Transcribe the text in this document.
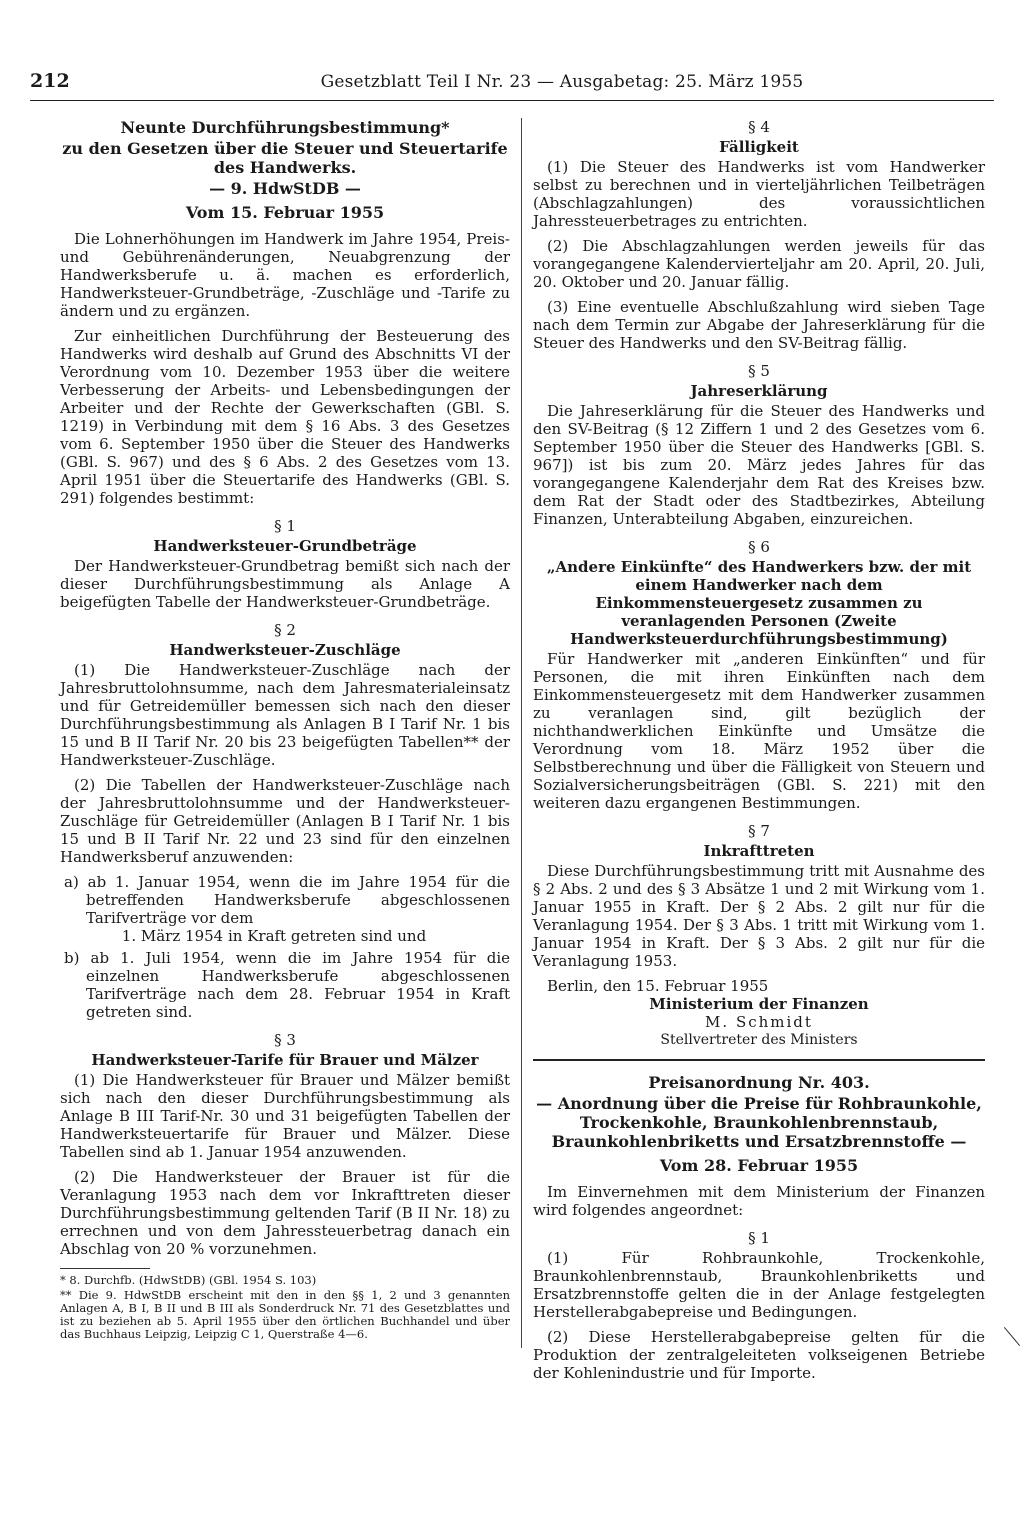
212	Gesetzblatt Teil I Nr. 23 — Ausgabetag: 25. März 1955
Neunte Durchführungsbestimmung*
zu den Gesetzen über die Steuer und Steuertarife des Handwerks.
— 9. HdwStDB —
Vom 15. Februar 1955

Die Lohnerhöhungen im Handwerk im Jahre 1954, Preis- und Gebührenänderungen, Neuabgrenzung der Handwerksberufe u. ä. machen es erforderlich, Handwerksteuer-Grundbeträge, -Zuschläge und -Tarife zu ändern und zu ergänzen.

Zur einheitlichen Durchführung der Besteuerung des Handwerks wird deshalb auf Grund des Abschnitts VI der Verordnung vom 10. Dezember 1953 über die weitere Verbesserung der Arbeits- und Lebensbedingungen der Arbeiter und der Rechte der Gewerkschaften (GBl. S. 1219) in Verbindung mit dem § 16 Abs. 3 des Gesetzes vom 6. September 1950 über die Steuer des Handwerks (GBl. S. 967) und des § 6 Abs. 2 des Gesetzes vom 13. April 1951 über die Steuertarife des Handwerks (GBl. S. 291) folgendes bestimmt:

§ 1
Handwerksteuer-Grundbeträge

Der Handwerksteuer-Grundbetrag bemißt sich nach der dieser Durchführungsbestimmung als Anlage A beigefügten Tabelle der Handwerksteuer-Grundbeträge.

§ 2
Handwerksteuer-Zuschläge

(1) Die Handwerksteuer-Zuschläge nach der Jahresbruttolohnsumme, nach dem Jahresmaterialeinsatz und für Getreidemüller bemessen sich nach den dieser Durchführungsbestimmung als Anlagen B I Tarif Nr. 1 bis 15 und B II Tarif Nr. 20 bis 23 beigefügten Tabellen** der Handwerksteuer-Zuschläge.

(2) Die Tabellen der Handwerksteuer-Zuschläge nach der Jahresbruttolohnsumme und der Handwerksteuer-Zuschläge für Getreidemüller (Anlagen B I Tarif Nr. 1 bis 15 und B II Tarif Nr. 22 und 23 sind für den einzelnen Handwerksberuf anzuwenden:

a) ab 1. Januar 1954, wenn die im Jahre 1954 für die betreffenden Handwerksberufe abgeschlossenen Tarifverträge vor dem
1. März 1954 in Kraft getreten sind und

b) ab 1. Juli 1954, wenn die im Jahre 1954 für die einzelnen Handwerksberufe abgeschlossenen Tarifverträge nach dem 28. Februar 1954 in Kraft getreten sind.

§ 3
Handwerksteuer-Tarife für Brauer und Mälzer

(1) Die Handwerksteuer für Brauer und Mälzer bemißt sich nach den dieser Durchführungsbestimmung als Anlage B III Tarif-Nr. 30 und 31 beigefügten Tabellen der Handwerksteuertarife für Brauer und Mälzer. Diese Tabellen sind ab 1. Januar 1954 anzuwenden.

(2) Die Handwerksteuer der Brauer ist für die Veranlagung 1953 nach dem vor Inkrafttreten dieser Durchführungsbestimmung geltenden Tarif (B II Nr. 18) zu errechnen und von dem Jahressteuerbetrag danach ein Abschlag von 20 % vorzunehmen.

* 8. Durchfb. (HdwStDB) (GBl. 1954 S. 103)

** Die 9. HdwStDB erscheint mit den in den §§ 1, 2 und 3 genannten Anlagen A, B I, B II und B III als Sonderdruck Nr. 71 des Gesetzblattes und ist zu beziehen ab 5. April 1955 über den örtlichen Buchhandel und über das Buchhaus Leipzig, Leipzig C 1, Querstraße 4—6.

§ 4
Fälligkeit

(1) Die Steuer des Handwerks ist vom Handwerker selbst zu berechnen und in vierteljährlichen Teilbeträgen (Abschlagzahlungen) des voraussichtlichen Jahressteuerbetrages zu entrichten.

(2) Die Abschlagzahlungen werden jeweils für das vorangegangene Kalendervierteljahr am 20. April, 20. Juli, 20. Oktober und 20. Januar fällig.

(3) Eine eventuelle Abschlußzahlung wird sieben Tage nach dem Termin zur Abgabe der Jahreserklärung für die Steuer des Handwerks und den SV-Beitrag fällig.

§ 5
Jahreserklärung

Die Jahreserklärung für die Steuer des Handwerks und den SV-Beitrag (§ 12 Ziffern 1 und 2 des Gesetzes vom 6. September 1950 über die Steuer des Handwerks [GBl. S. 967]) ist bis zum 20. März jedes Jahres für das vorangegangene Kalenderjahr dem Rat des Kreises bzw. dem Rat der Stadt oder des Stadtbezirkes, Abteilung Finanzen, Unterabteilung Abgaben, einzureichen.

§ 6
„Andere Einkünfte“ des Handwerkers bzw. der mit einem Handwerker nach dem Einkommensteuergesetz zusammen zu veranlagenden Personen (Zweite Handwerksteuerdurchführungsbestimmung)

Für Handwerker mit „anderen Einkünften“ und für Personen, die mit ihren Einkünften nach dem Einkommensteuergesetz mit dem Handwerker zusammen zu veranlagen sind, gilt bezüglich der nichthandwerklichen Einkünfte und Umsätze die Verordnung vom 18. März 1952 über die Selbstberechnung und über die Fälligkeit von Steuern und Sozialversicherungsbeiträgen (GBl. S. 221) mit den weiteren dazu ergangenen Bestimmungen.

§ 7
Inkrafttreten

Diese Durchführungsbestimmung tritt mit Ausnahme des § 2 Abs. 2 und des § 3 Absätze 1 und 2 mit Wirkung vom 1. Januar 1955 in Kraft. Der § 2 Abs. 2 gilt nur für die Veranlagung 1954. Der § 3 Abs. 1 tritt mit Wirkung vom 1. Januar 1954 in Kraft. Der § 3 Abs. 2 gilt nur für die Veranlagung 1953.

Berlin, den 15. Februar 1955

Ministerium der Finanzen
M. Schmidt
Stellvertreter des Ministers
Preisanordnung Nr. 403.
— Anordnung über die Preise für Rohbraunkohle, Trockenkohle, Braunkohlenbrennstaub, Braunkohlenbriketts und Ersatzbrennstoffe —
Vom 28. Februar 1955

Im Einvernehmen mit dem Ministerium der Finanzen wird folgendes angeordnet:

§ 1

(1) Für Rohbraunkohle, Trockenkohle, Braunkohlenbrennstaub, Braunkohlenbriketts und Ersatzbrennstoffe gelten die in der Anlage festgelegten Herstellerabgabepreise und Bedingungen.

(2) Diese Herstellerabgabepreise gelten für die Produktion der zentralgeleiteten volkseigenen Betriebe der Kohlenindustrie und für Importe.
